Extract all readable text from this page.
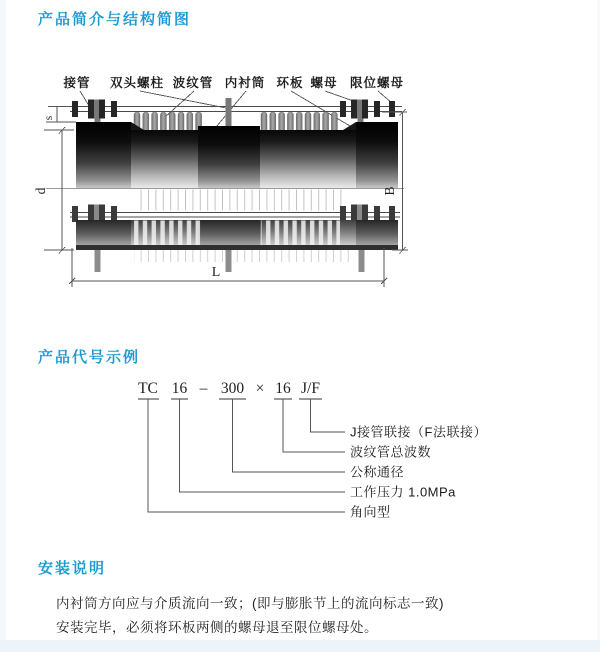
产品简介与结构简图
接管 双头螺柱 波纹管 内衬筒 环板 螺母 限位螺母
s
d	B
L
产品代号示例
TC 16 – 300 × 16 J/F
J接管联接（F法联接）
波纹管总波数
公称通径
工作压力 1.0MPa
角向型
安装说明
内衬筒方向应与介质流向一致；(即与膨胀节上的流向标志一致)
安装完毕，必须将环板两侧的螺母退至限位螺母处。
